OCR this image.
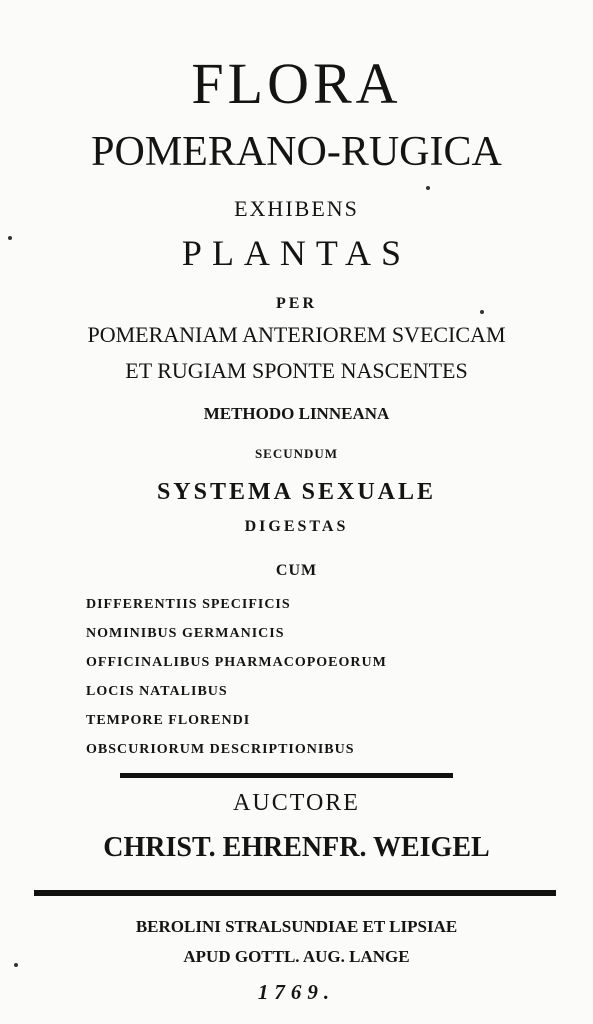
FLORA
POMERANO-RUGICA
EXHIBENS
PLANTAS
PER
POMERANIAM ANTERIOREM SVECICAM
ET RUGIAM SPONTE NASCENTES
METHODO LINNEANA
SECUNDUM
SYSTEMA SEXUALE
DIGESTAS
CUM
DIFFERENTIIS SPECIFICIS
NOMINIBUS GERMANICIS
OFFICINALIBUS PHARMACOPOEORUM
LOCIS NATALIBUS
TEMPORE FLORENDI
OBSCURIORUM DESCRIPTIONIBUS
AUCTORE
CHRIST. EHRENFR. WEIGEL
BEROLINI STRALSUNDIAE ET LIPSIAE
APUD GOTTL. AUG. LANGE
1769.
